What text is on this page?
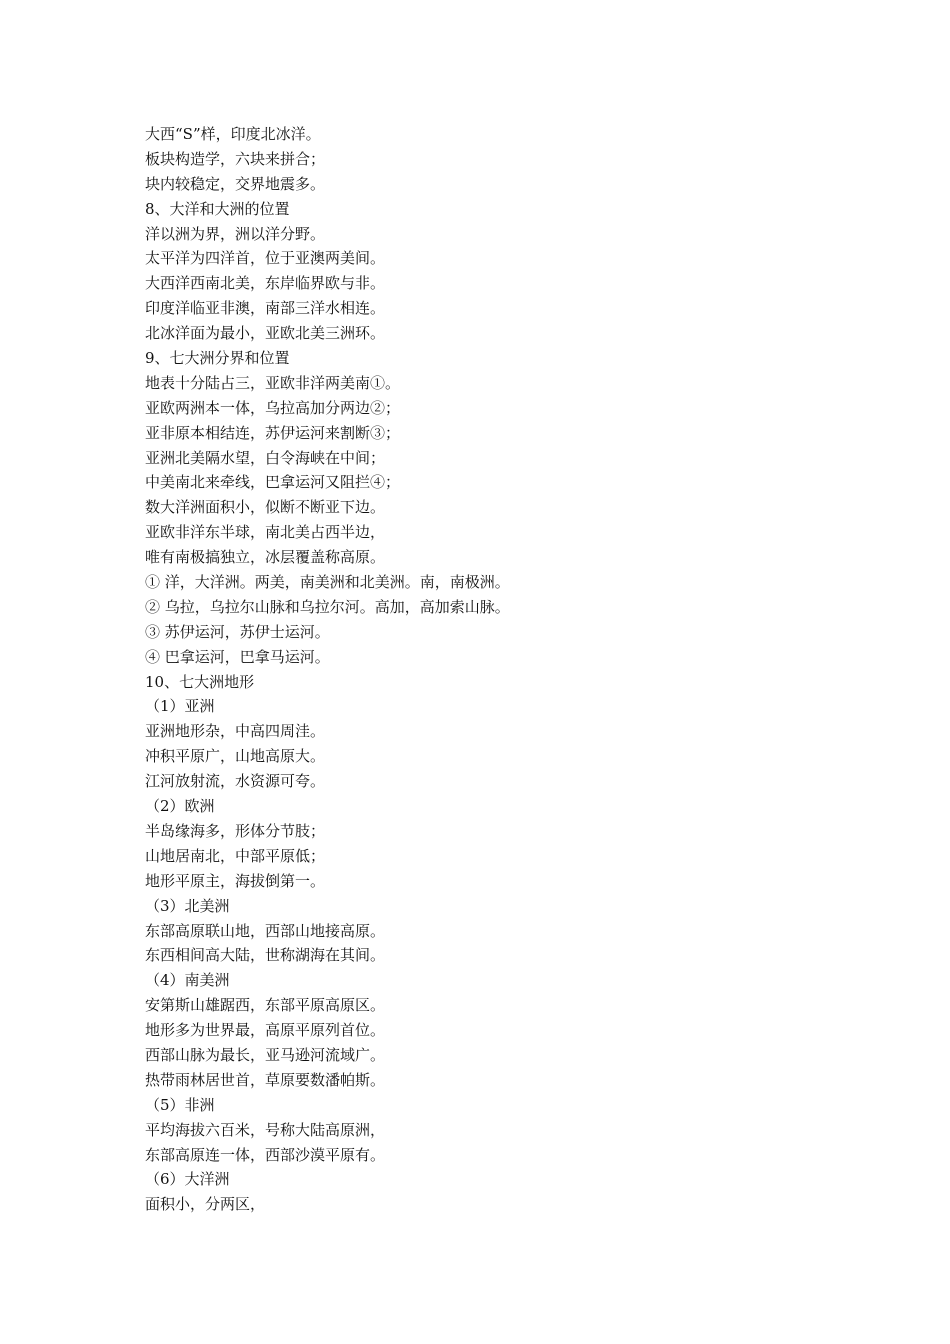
大西“S”样，印度北冰洋。

板块构造学，六块来拼合；

块内较稳定，交界地震多。

8、大洋和大洲的位置

洋以洲为界，洲以洋分野。

太平洋为四洋首，位于亚澳两美间。

大西洋西南北美，东岸临界欧与非。

印度洋临亚非澳，南部三洋水相连。

北冰洋面为最小，亚欧北美三洲环。

9、七大洲分界和位置

地表十分陆占三，亚欧非洋两美南①。

亚欧两洲本一体，乌拉高加分两边②；

亚非原本相结连，苏伊运河来割断③；

亚洲北美隔水望，白令海峡在中间；

中美南北来牵线，巴拿运河又阻拦④；

数大洋洲面积小，似断不断亚下边。

亚欧非洋东半球，南北美占西半边，

唯有南极搞独立，冰层覆盖称高原。

① 洋，大洋洲。两美，南美洲和北美洲。南，南极洲。

② 乌拉，乌拉尔山脉和乌拉尔河。高加，高加索山脉。

③ 苏伊运河，苏伊士运河。

④ 巴拿运河，巴拿马运河。

10、七大洲地形

（1）亚洲

亚洲地形杂，中高四周洼。

冲积平原广，山地高原大。

江河放射流，水资源可夸。

（2）欧洲

半岛缘海多，形体分节肢；

山地居南北，中部平原低；

地形平原主，海拔倒第一。

（3）北美洲

东部高原联山地，西部山地接高原。

东西相间高大陆，世称湖海在其间。

（4）南美洲

安第斯山雄踞西，东部平原高原区。

地形多为世界最，高原平原列首位。

西部山脉为最长，亚马逊河流域广。

热带雨林居世首，草原要数潘帕斯。

（5）非洲

平均海拔六百米，号称大陆高原洲，

东部高原连一体，西部沙漠平原有。

（6）大洋洲

面积小，分两区，
